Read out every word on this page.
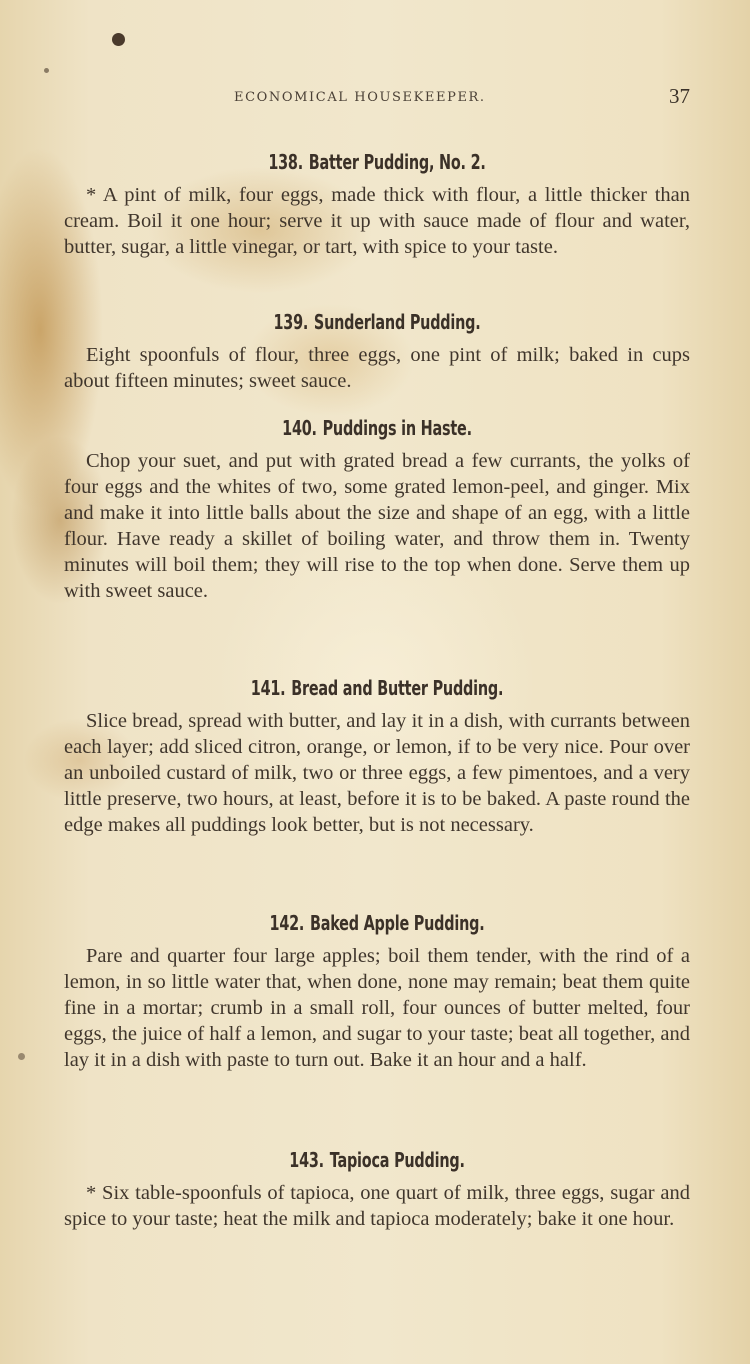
ECONOMICAL HOUSEKEEPER.	37
138. Batter Pudding, No. 2.

* A pint of milk, four eggs, made thick with flour, a little thicker than cream. Boil it one hour; serve it up with sauce made of flour and water, butter, sugar, a little vinegar, or tart, with spice to your taste.

139. Sunderland Pudding.

Eight spoonfuls of flour, three eggs, one pint of milk; baked in cups about fifteen minutes; sweet sauce.

140. Puddings in Haste.

Chop your suet, and put with grated bread a few currants, the yolks of four eggs and the whites of two, some grated lemon-peel, and ginger. Mix and make it into little balls about the size and shape of an egg, with a little flour. Have ready a skillet of boiling water, and throw them in. Twenty minutes will boil them; they will rise to the top when done. Serve them up with sweet sauce.

141. Bread and Butter Pudding.

Slice bread, spread with butter, and lay it in a dish, with currants between each layer; add sliced citron, orange, or lemon, if to be very nice. Pour over an unboiled custard of milk, two or three eggs, a few pimentoes, and a very little preserve, two hours, at least, before it is to be baked. A paste round the edge makes all puddings look better, but is not necessary.

142. Baked Apple Pudding.

Pare and quarter four large apples; boil them tender, with the rind of a lemon, in so little water that, when done, none may remain; beat them quite fine in a mortar; crumb in a small roll, four ounces of butter melted, four eggs, the juice of half a lemon, and sugar to your taste; beat all together, and lay it in a dish with paste to turn out. Bake it an hour and a half.

143. Tapioca Pudding.

* Six table-spoonfuls of tapioca, one quart of milk, three eggs, sugar and spice to your taste; heat the milk and tapioca moderately; bake it one hour.
